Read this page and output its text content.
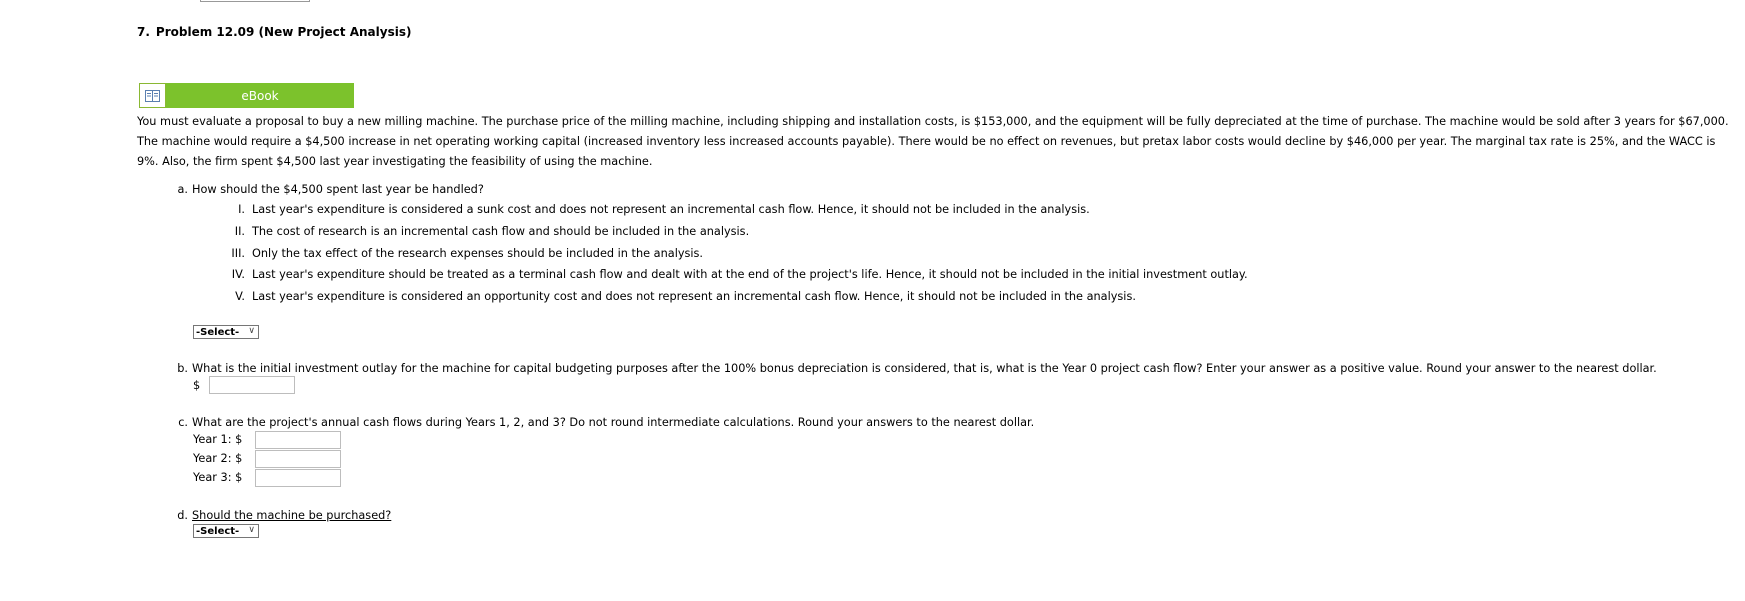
7. Problem 12.09 (New Project Analysis)
eBook
You must evaluate a proposal to buy a new milling machine. The purchase price of the milling machine, including shipping and installation costs, is $153,000, and the equipment will be fully depreciated at the time of purchase. The machine would be sold after 3 years for $67,000. The machine would require a $4,500 increase in net operating working capital (increased inventory less increased accounts payable). There would be no effect on revenues, but pretax labor costs would decline by $46,000 per year. The marginal tax rate is 25%, and the WACC is 9%. Also, the firm spent $4,500 last year investigating the feasibility of using the machine.
a. How should the $4,500 spent last year be handled?
I. Last year's expenditure is considered a sunk cost and does not represent an incremental cash flow. Hence, it should not be included in the analysis.
II. The cost of research is an incremental cash flow and should be included in the analysis.
III. Only the tax effect of the research expenses should be included in the analysis.
IV. Last year's expenditure should be treated as a terminal cash flow and dealt with at the end of the project's life. Hence, it should not be included in the initial investment outlay.
V. Last year's expenditure is considered an opportunity cost and does not represent an incremental cash flow. Hence, it should not be included in the analysis.
-Select- ∨
b. What is the initial investment outlay for the machine for capital budgeting purposes after the 100% bonus depreciation is considered, that is, what is the Year 0 project cash flow? Enter your answer as a positive value. Round your answer to the nearest dollar.
$
c. What are the project's annual cash flows during Years 1, 2, and 3? Do not round intermediate calculations. Round your answers to the nearest dollar.
Year 1: $
Year 2: $
Year 3: $
d. Should the machine be purchased?
-Select- ∨
